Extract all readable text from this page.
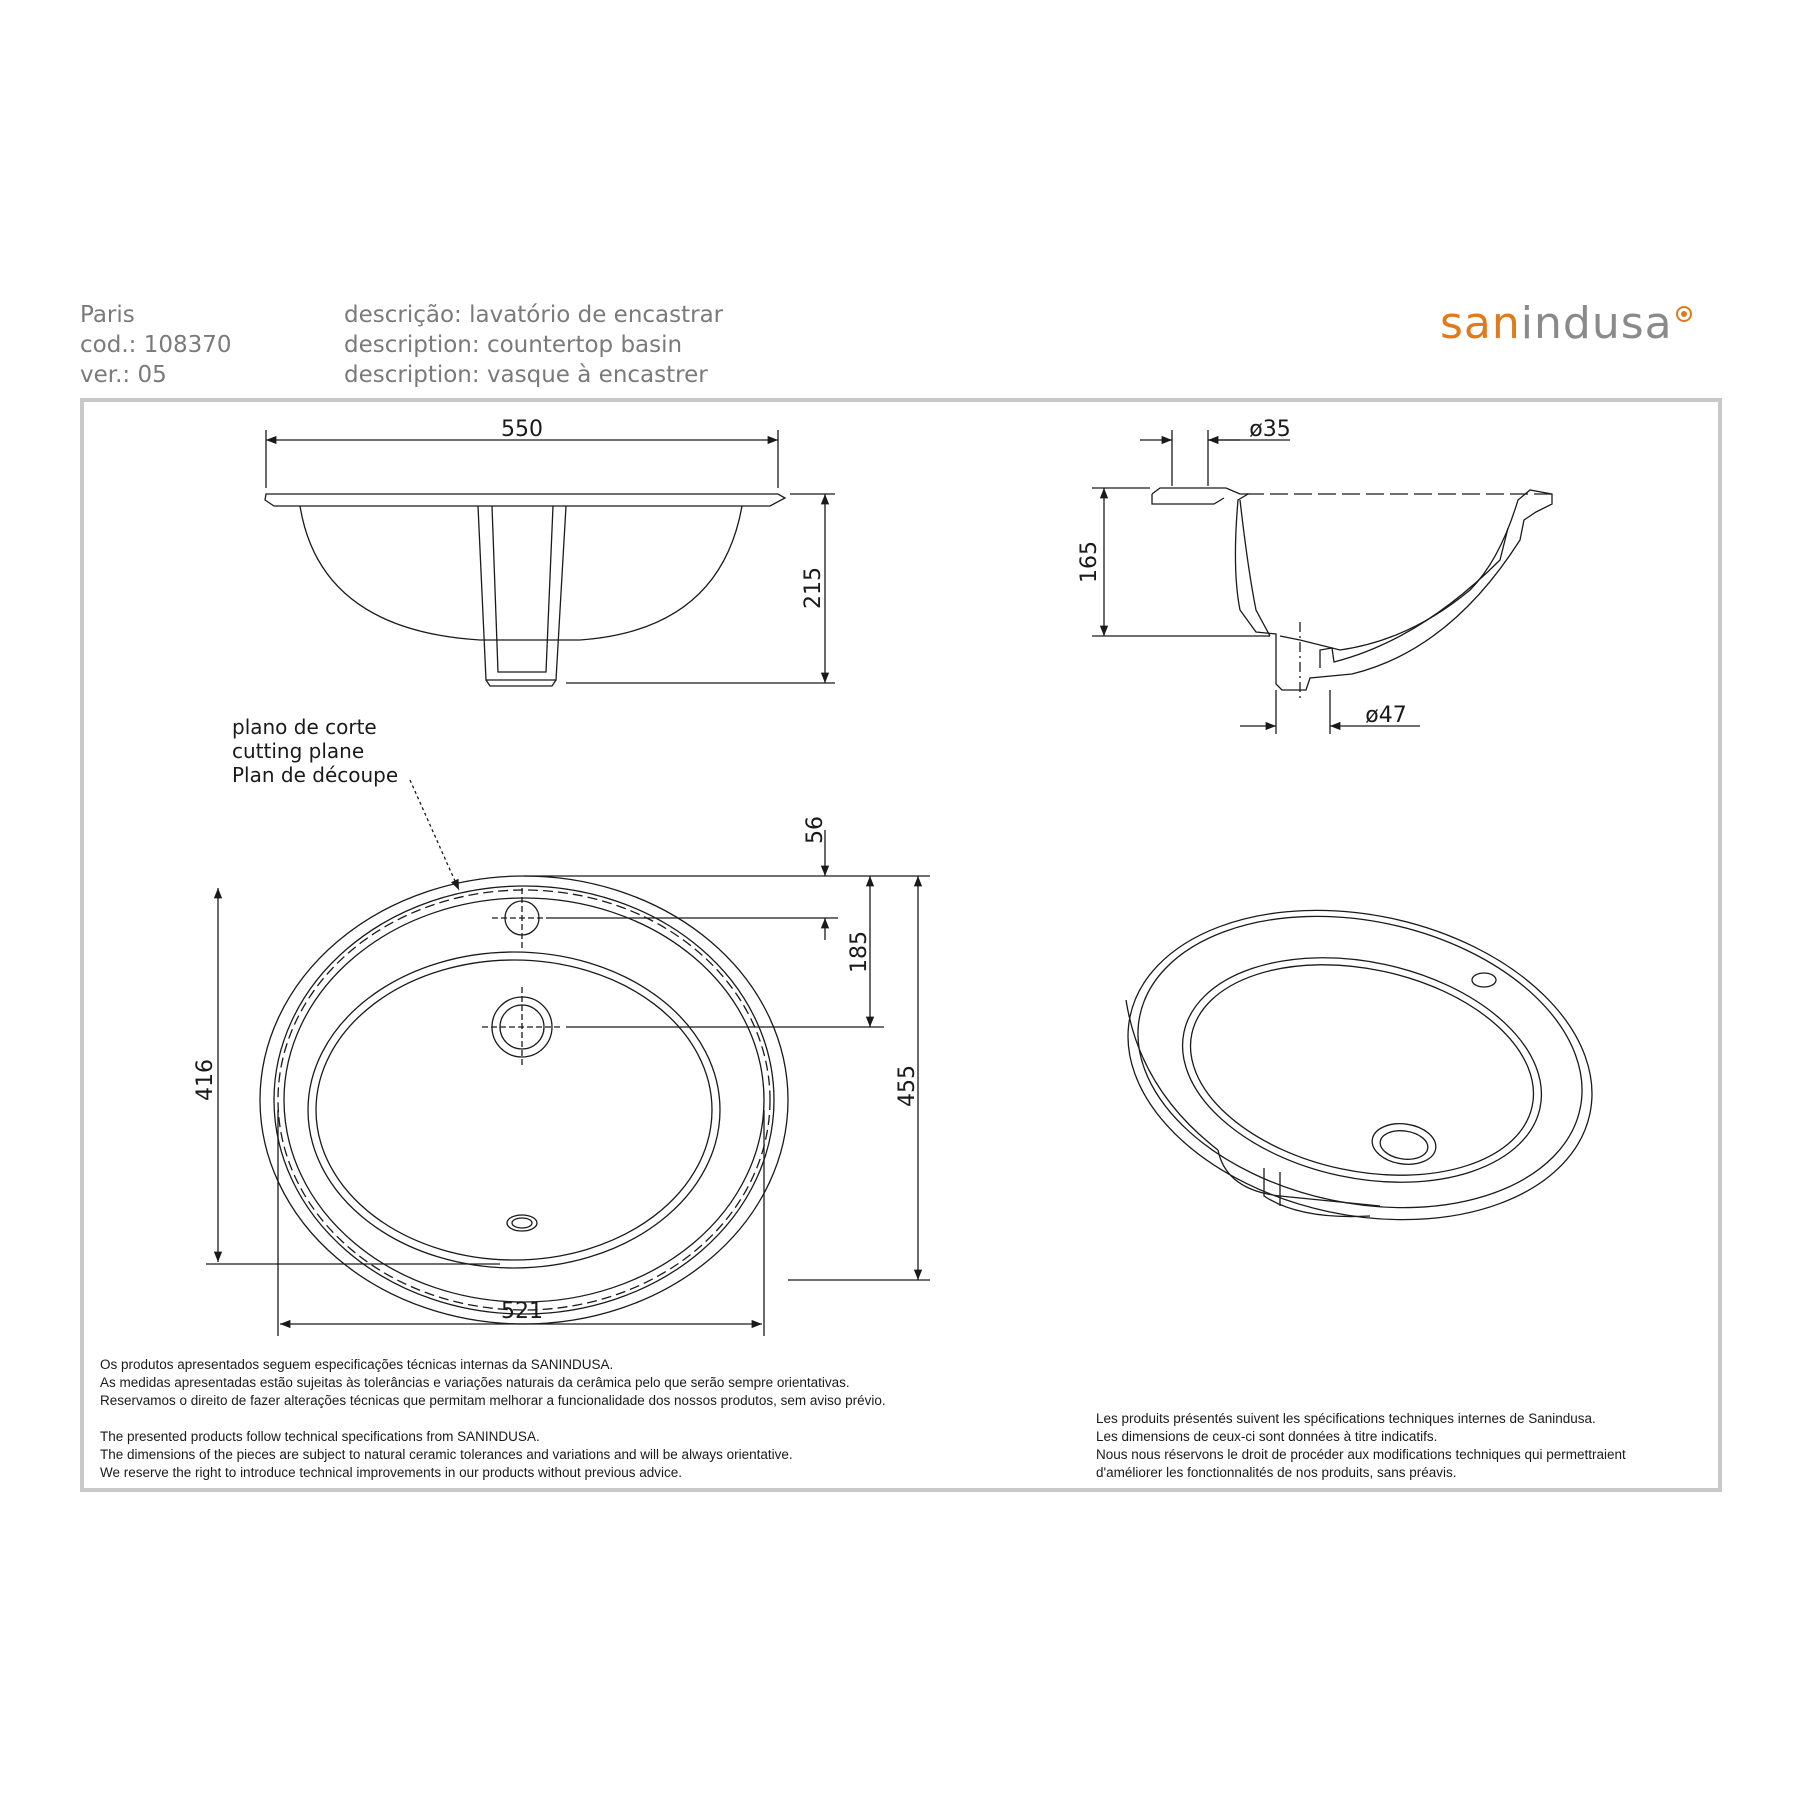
Paris
cod.: 108370
ver.: 05
descrição: lavatório de encastrar
description: countertop basin
description: vasque à encastrer
sanindusa
550
215
ø35
165
ø47
56
185
416	455
521
plano de corte
cutting plane
Plan de découpe

Os produtos apresentados seguem especificações técnicas internas da SANINDUSA.

As medidas apresentadas estão sujeitas às tolerâncias e variações naturais da cerâmica pelo que serão sempre orientativas.

Reservamos o direito de fazer alterações técnicas que permitam melhorar a funcionalidade dos nossos produtos, sem aviso prévio.

The presented products follow technical specifications from SANINDUSA.

The dimensions of the pieces are subject to natural ceramic tolerances and variations and will be always orientative.

We reserve the right to introduce technical improvements in our products without previous advice.

Les produits présentés suivent les spécifications techniques internes de Sanindusa.

Les dimensions de ceux-ci sont données à titre indicatifs.

Nous nous réservons le droit de procéder aux modifications techniques qui permettraient

d'améliorer les fonctionnalités de nos produits, sans préavis.
